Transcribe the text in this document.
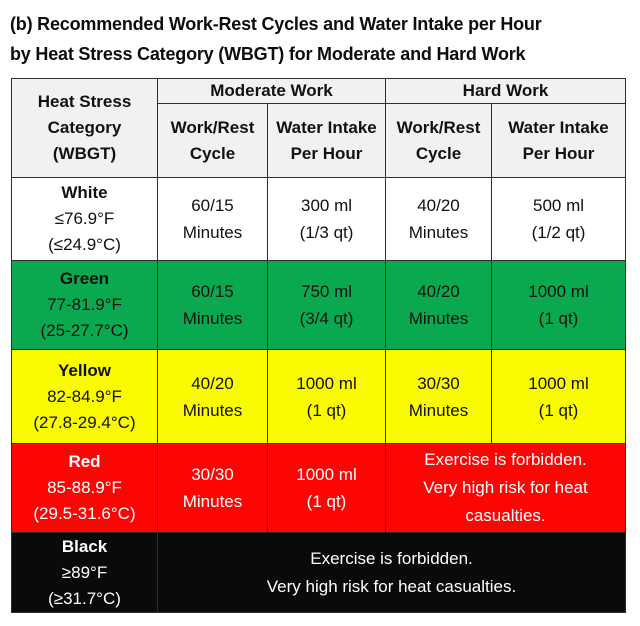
(b) Recommended Work-Rest Cycles and Water Intake per Hour
by Heat Stress Category (WBGT) for Moderate and Hard Work
Heat Stress
Category
(WBGT)	Moderate Work		Hard Work	
	Work/Rest Cycle	Water Intake Per Hour	Work/Rest Cycle	Water Intake Per Hour

White
≤76.9°F
(≤24.9°C)

60/15
Minutes

300 ml
(1/3 qt)

40/20
Minutes

500 ml
(1/2 qt)

Green
77-81.9°F
(25-27.7°C)

60/15
Minutes

750 ml
(3/4 qt)

40/20
Minutes

1000 ml
(1 qt)

Yellow
82-84.9°F
(27.8-29.4°C)

40/20
Minutes

1000 ml
(1 qt)

30/30
Minutes

1000 ml
(1 qt)

Red
85-88.9°F
(29.5-31.6°C)

30/30
Minutes

1000 ml
(1 qt)

Exercise is forbidden.
Very high risk for heat casualties.

Black
≥89°F
(≥31.7°C)

Exercise is forbidden.
Very high risk for heat casualties.
